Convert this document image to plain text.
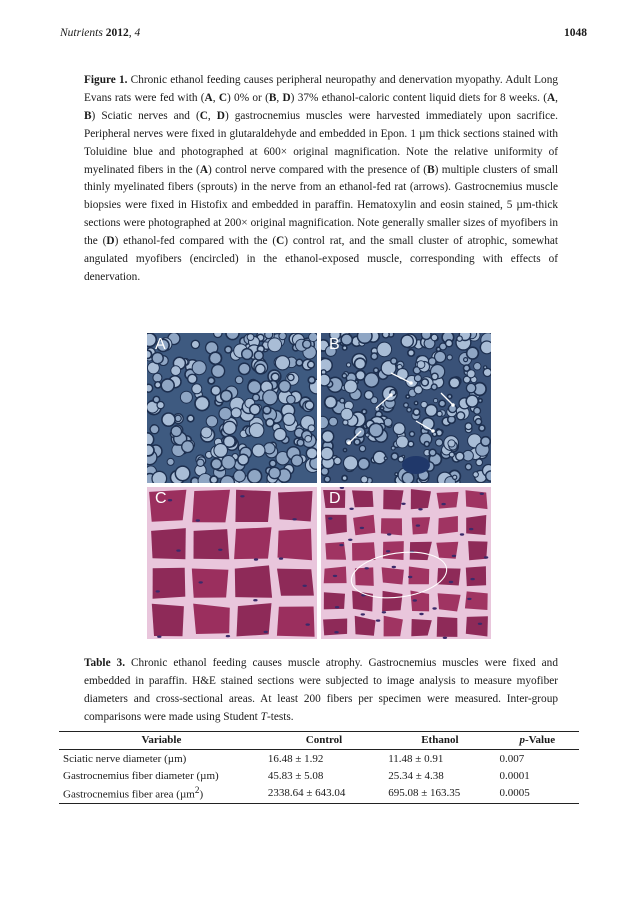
Nutrients 2012, 4	1048

Figure 1. Chronic ethanol feeding causes peripheral neuropathy and denervation myopathy. Adult Long Evans rats were fed with (A, C) 0% or (B, D) 37% ethanol-caloric content liquid diets for 8 weeks. (A, B) Sciatic nerves and (C, D) gastrocnemius muscles were harvested immediately upon sacrifice. Peripheral nerves were fixed in glutaraldehyde and embedded in Epon. 1 µm thick sections stained with Toluidine blue and photographed at 600× original magnification. Note the relative uniformity of myelinated fibers in the (A) control nerve compared with the presence of (B) multiple clusters of small thinly myelinated fibers (sprouts) in the nerve from an ethanol-fed rat (arrows). Gastrocnemius muscle biopsies were fixed in Histofix and embedded in paraffin. Hematoxylin and eosin stained, 5 µm-thick sections were photographed at 200× original magnification. Note generally smaller sizes of myofibers in the (D) ethanol-fed compared with the (C) control rat, and the small cluster of atrophic, somewhat angulated myofibers (encircled) in the ethanol-exposed muscle, corresponding with effects of denervation.

A	B
C	D

Table 3. Chronic ethanol feeding causes muscle atrophy. Gastrocnemius muscles were fixed and embedded in paraffin. H&E stained sections were subjected to image analysis to measure myofiber diameters and cross-sectional areas. At least 200 fibers per specimen were measured. Inter-group comparisons were made using Student T-tests.

Variable	Control	Ethanol	p-Value
Sciatic nerve diameter (µm)	16.48 ± 1.92	11.48 ± 0.91	0.007
Gastrocnemius fiber diameter (µm)	45.83 ± 5.08	25.34 ± 4.38	0.0001
Gastrocnemius fiber area (µm$^2$)	2338.64 ± 643.04	695.08 ± 163.35	0.0005
